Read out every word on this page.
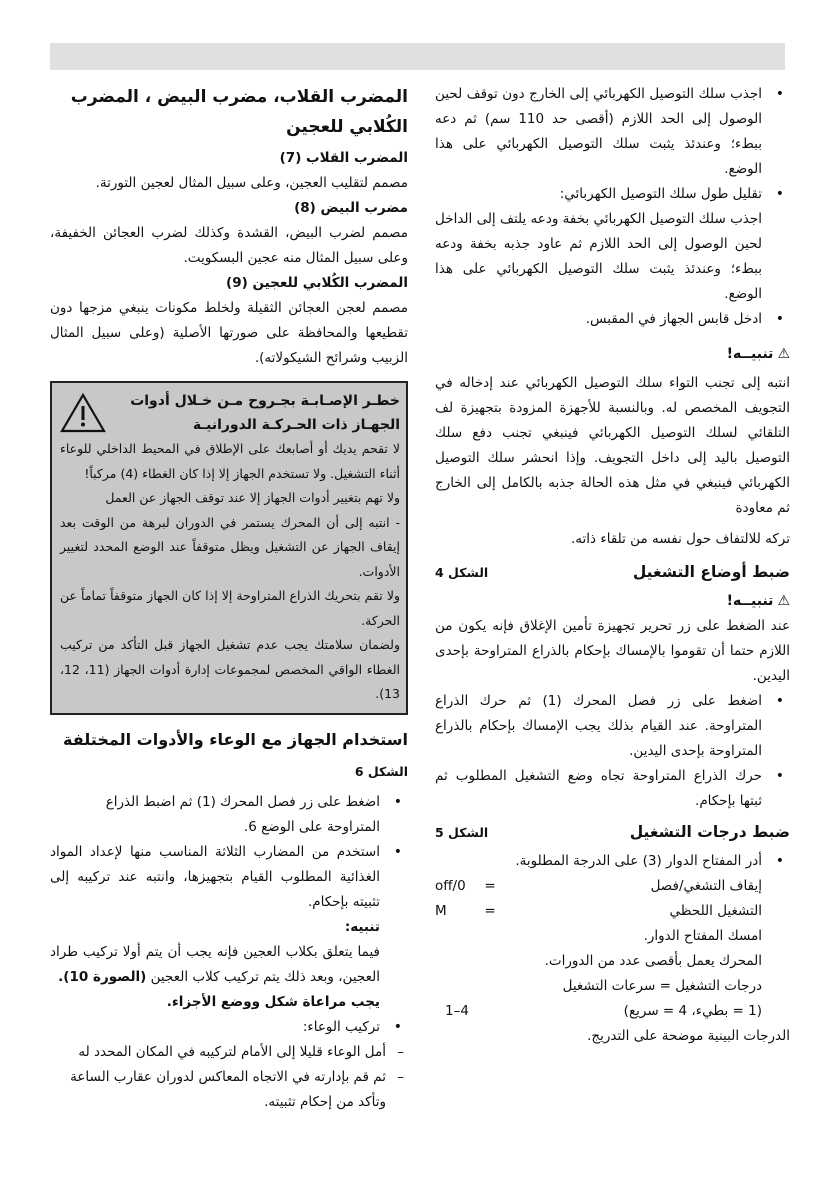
• اجذب سلك التوصيل الكهربائي إلى الخارج دون توقف لحين الوصول إلى الحد اللازم (أقصى حد 110 سم) ثم دعه ببطء؛ وعندئذ يثبت سلك التوصيل الكهربائي على هذا الوضع.

• تقليل طول سلك التوصيل الكهربائي:

اجذب سلك التوصيل الكهربائي بخفة ودعه يلتف إلى الداخل لحين الوصول إلى الحد اللازم ثم عاود جذبه بخفة ودعه ببطء؛ وعندئذ يثبت سلك التوصيل الكهربائي على هذا الوضع.

• ادخل قابس الجهاز في المقبس.

⚠تنبيــه!

انتبه إلى تجنب التواء سلك التوصيل الكهربائي عند إدخاله في التجويف المخصص له. وبالنسبة للأجهزة المزودة بتجهيزة لف التلقائي لسلك التوصيل الكهربائي فينبغي تجنب دفع سلك التوصيل باليد إلى داخل التجويف. وإذا انحشر سلك التوصيل الكهربائي فينبغي في مثل هذه الحالة جذبه بالكامل إلى الخارج ثم معاودة

تركه للالتفاف حول نفسه من تلقاء ذاته.

ضبط أوضاع التشغيل
الشكل 4

⚠تنبيــه!

عند الضغط على زر تحرير تجهيزة تأمين الإغلاق فإنه يكون من اللازم حتما أن تقوموا بالإمساك بإحكام بالذراع المتراوحة بإحدى اليدين.

• اضغط على زر فصل المحرك (1) ثم حرك الذراع المتراوحة. عند القيام بذلك يجب الإمساك بإحكام بالذراع المتراوحة بإحدى اليدين.

• حرك الذراع المتراوحة تجاه وضع التشغيل المطلوب ثم ثبتها بإحكام.

ضبط درجات التشغيل
الشكل 5

• أدر المفتاح الدوار (3) على الدرجة المطلوبة.

إيقاف التشغي/فصل
=
off/0
التشغيل اللحظي
=
M

امسك المفتاح الدوار.

المحرك يعمل بأقصى عدد من الدورات.

درجات التشغيل = سرعات التشغيل

(1 = بطيء، 4 = سريع)
1–4

الدرجات البينية موضحة على التدريج.

المضرب القلاب، مضرب البيض ، المضرب الكُلابي للعجين

المضرب القلاب (7)

مصمم لتقليب العجين، وعلى سبيل المثال لعجين التورتة.

مضرب البيض (8)

مصمم لضرب البيض، القشدة وكذلك لضرب العجائن الخفيفة، وعلى سبيل المثال منه عجين البسكويت.

المضرب الكُلابي للعجين (9)

مصمم لعجن العجائن الثقيلة ولخلط مكونات ينبغي مزجها دون تقطيعها والمحافظة على صورتها الأصلية (وعلى سبيل المثال الزبيب وشرائح الشيكولاته).

خطـر الإصـابـة بجـروح مـن خـلال أدوات الجهـاز ذات الحـركـة الدورانيـة

لا تقحم يديك أو أصابعك على الإطلاق في المحيط الداخلي للوعاء أثناء التشغيل. ولا تستخدم الجهاز إلا إذا كان الغطاء (4) مركباً!

ولا تهم بتغيير أدوات الجهاز إلا عند توقف الجهاز عن العمل

- انتبه إلى أن المحرك يستمر في الدوران لبرهة من الوقت بعد إيقاف الجهاز عن التشغيل ويظل متوقفاً عند الوضع المحدد لتغيير الأدوات.

ولا تقم بتحريك الذراع المتراوحة إلا إذا كان الجهاز متوقفاً تماماً عن الحركة.

ولضمان سلامتك يجب عدم تشغيل الجهاز قبل التأكد من تركيب الغطاء الواقي المخصص لمجموعات إدارة أدوات الجهاز (11، 12، 13).

استخدام الجهاز مع الوعاء والأدوات المختلفة

الشكل 6

• اضغط على زر فصل المحرك (1) ثم اضبط الذراع المتراوحة على الوضع 6.

• استخدم من المضارب الثلاثة المناسب منها لإعداد المواد الغذائية المطلوب القيام بتجهيزها، وانتبه عند تركيبه إلى تثبيته بإحكام.

تنبيه:

فيما يتعلق بكلاب العجين فإنه يجب أن يتم أولا تركيب طراد العجين، وبعد ذلك يتم تركيب كلاب العجين (الصورة 10).

يجب مراعاة شكل ووضع الأجزاء.

• تركيب الوعاء:

– أمل الوعاء قليلا إلى الأمام لتركيبه في المكان المحدد له

– ثم قم بإدارته في الاتجاه المعاكس لدوران عقارب الساعة وتأكد من إحكام تثبيته.
